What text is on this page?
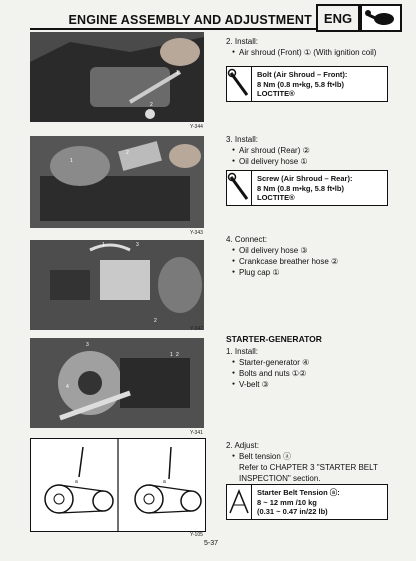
ENGINE ASSEMBLY AND ADJUSTMENT ENG
1
2
Y-344
1
2
Y-343
1
2
3
Y-342
1 2
3
4
Y-341
a	a
Y-105
2. Install:
● Air shroud (Front) ① (With ignition coil)
Bolt (Air Shroud – Front):
8 Nm (0.8 m•kg, 5.8 ft•lb)
LOCTITE®
3. Install:
● Air shroud (Rear) ②
● Oil delivery hose ①
Screw (Air Shroud – Rear):
8 Nm (0.8 m•kg, 5.8 ft•lb)
LOCTITE®
4. Connect:
● Oil delivery hose ③
● Crankcase breather hose ②
● Plug cap ①
STARTER-GENERATOR
1. Install:
● Starter-generator ④
● Bolts and nuts ①②
● V-belt ③
2. Adjust:
● Belt tension ⓐ
Refer to CHAPTER 3 "STARTER BELT
INSPECTION" section.
Starter Belt Tension ⓐ:
8 ~ 12 mm /10 kg
(0.31 ~ 0.47 in/22 lb)
5-37
